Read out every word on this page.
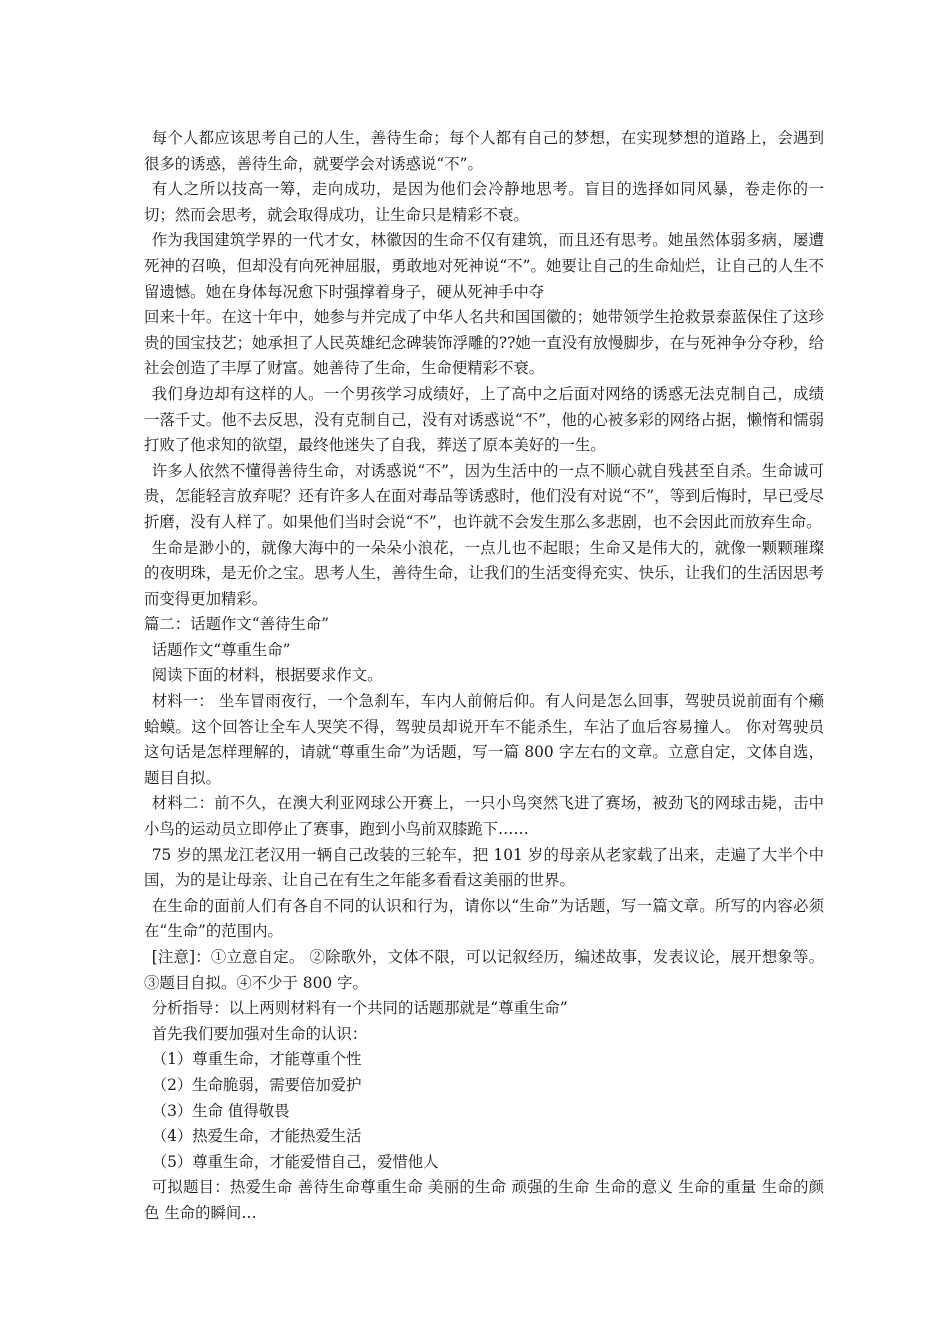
每个人都应该思考自己的人生，善待生命；每个人都有自己的梦想，在实现梦想的道路上，会遇到很多的诱惑，善待生命，就要学会对诱惑说“不”。

有人之所以技高一筹，走向成功，是因为他们会冷静地思考。盲目的选择如同风暴，卷走你的一切；然而会思考，就会取得成功，让生命只是精彩不衰。

作为我国建筑学界的一代才女，林徽因的生命不仅有建筑，而且还有思考。她虽然体弱多病，屡遭死神的召唤，但却没有向死神屈服，勇敢地对死神说“不”。她要让自己的生命灿烂，让自己的人生不留遗憾。她在身体每况愈下时强撑着身子，硬从死神手中夺

回来十年。在这十年中，她参与并完成了中华人名共和国国徽的；她带领学生抢救景泰蓝保住了这珍贵的国宝技艺；她承担了人民英雄纪念碑装饰浮雕的??她一直没有放慢脚步，在与死神争分夺秒，给社会创造了丰厚了财富。她善待了生命，生命便精彩不衰。

我们身边却有这样的人。一个男孩学习成绩好，上了高中之后面对网络的诱惑无法克制自己，成绩一落千丈。他不去反思，没有克制自己，没有对诱惑说“不”，他的心被多彩的网络占据，懒惰和懦弱打败了他求知的欲望，最终他迷失了自我，葬送了原本美好的一生。

许多人依然不懂得善待生命，对诱惑说“不”，因为生活中的一点不顺心就自残甚至自杀。生命诚可贵，怎能轻言放弃呢？还有许多人在面对毒品等诱惑时，他们没有对说“不”，等到后悔时，早已受尽折磨，没有人样了。如果他们当时会说“不”，也许就不会发生那么多悲剧，也不会因此而放弃生命。

生命是渺小的，就像大海中的一朵朵小浪花，一点儿也不起眼；生命又是伟大的，就像一颗颗璀璨的夜明珠，是无价之宝。思考人生，善待生命，让我们的生活变得充实、快乐，让我们的生活因思考而变得更加精彩。

篇二：话题作文“善待生命”

话题作文“尊重生命”

阅读下面的材料，根据要求作文。

材料一： 坐车冒雨夜行，一个急刹车，车内人前俯后仰。有人问是怎么回事，驾驶员说前面有个癞蛤蟆。这个回答让全车人哭笑不得，驾驶员却说开车不能杀生，车沾了血后容易撞人。 你对驾驶员这句话是怎样理解的，请就“尊重生命”为话题，写一篇 800 字左右的文章。立意自定，文体自选，题目自拟。

材料二：前不久，在澳大利亚网球公开赛上，一只小鸟突然飞进了赛场，被劲飞的网球击毙，击中小鸟的运动员立即停止了赛事，跑到小鸟前双膝跪下……

75 岁的黑龙江老汉用一辆自己改装的三轮车，把 101 岁的母亲从老家载了出来，走遍了大半个中国，为的是让母亲、让自己在有生之年能多看看这美丽的世界。

在生命的面前人们有各自不同的认识和行为，请你以“生命”为话题，写一篇文章。所写的内容必须在“生命”的范围内。

[注意]：①立意自定。 ②除歌外，文体不限，可以记叙经历，编述故事，发表议论，展开想象等。③题目自拟。④不少于 800 字。

分析指导：以上两则材料有一个共同的话题那就是“尊重生命”

首先我们要加强对生命的认识：

（1）尊重生命，才能尊重个性

（2）生命脆弱，需要倍加爱护

（3）生命 值得敬畏

（4）热爱生命，才能热爱生活

（5）尊重生命，才能爱惜自己，爱惜他人

可拟题目：热爱生命 善待生命尊重生命 美丽的生命 顽强的生命 生命的意义 生命的重量 生命的颜色 生命的瞬间…
